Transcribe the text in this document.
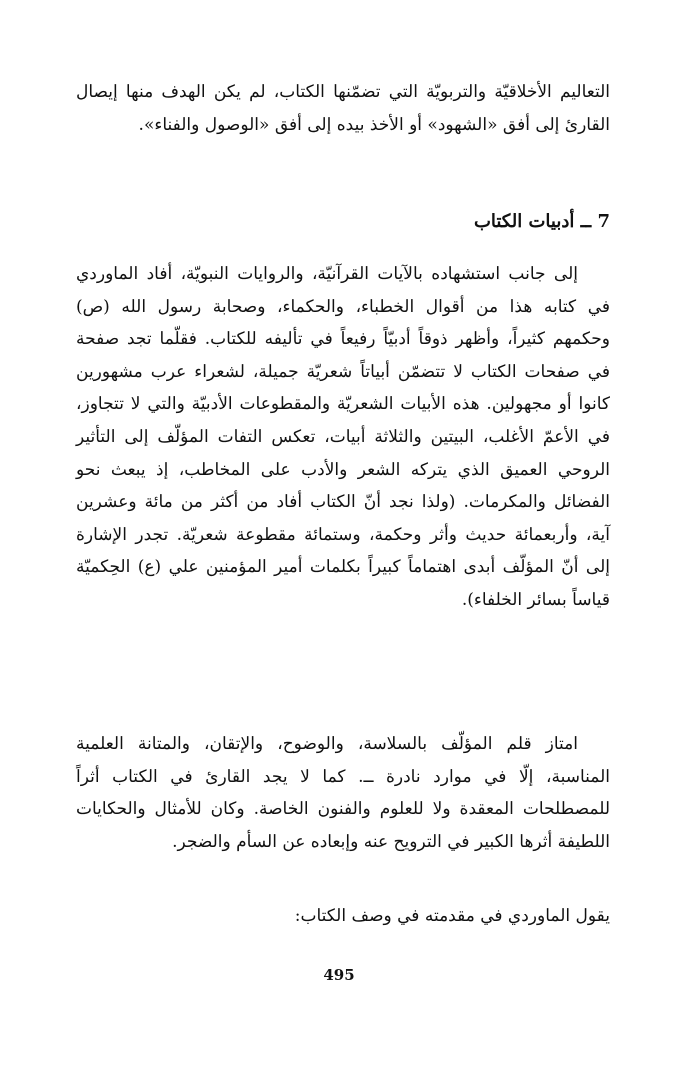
التعاليم الأخلاقيّة والتربويّة التي تضمّنها الكتاب، لم يكن الهدف منها إيصال القارئ إلى أفق «الشهود» أو الأخذ بيده إلى أفق «الوصول والفناء».

7 ــ أدبيات الكتاب

إلى جانب استشهاده بالآيات القرآنيّة، والروايات النبويّة، أفاد الماوردي في كتابه هذا من أقوال الخطباء، والحكماء، وصحابة رسول الله (ص) وحكمهم كثيراً، وأظهر ذوقاً أدبيّاً رفيعاً في تأليفه للكتاب. فقلّما تجد صفحة في صفحات الكتاب لا تتضمّن أبياتاً شعريّة جميلة، لشعراء عرب مشهورين كانوا أو مجهولين. هذه الأبيات الشعريّة والمقطوعات الأدبيّة والتي لا تتجاوز، في الأعمّ الأغلب، البيتين والثلاثة أبيات، تعكس التفات المؤلّف إلى التأثير الروحي العميق الذي يتركه الشعر والأدب على المخاطب، إذ يبعث نحو الفضائل والمكرمات. (ولذا نجد أنّ الكتاب أفاد من أكثر من مائة وعشرين آية، وأربعمائة حديث وأثر وحكمة، وستمائة مقطوعة شعريّة. تجدر الإشارة إلى أنّ المؤلّف أبدى اهتماماً كبيراً بكلمات أمير المؤمنين علي (ع) الحِكميّة قياساً بسائر الخلفاء).

امتاز قلم المؤلّف بالسلاسة، والوضوح، والإتقان، والمتانة العلمية المناسبة، إلّا في موارد نادرة ــ. كما لا يجد القارئ في الكتاب أثراً للمصطلحات المعقدة ولا للعلوم والفنون الخاصة. وكان للأمثال والحكايات اللطيفة أثرها الكبير في الترويح عنه وإبعاده عن السأم والضجر.

يقول الماوردي في مقدمته في وصف الكتاب:

495
